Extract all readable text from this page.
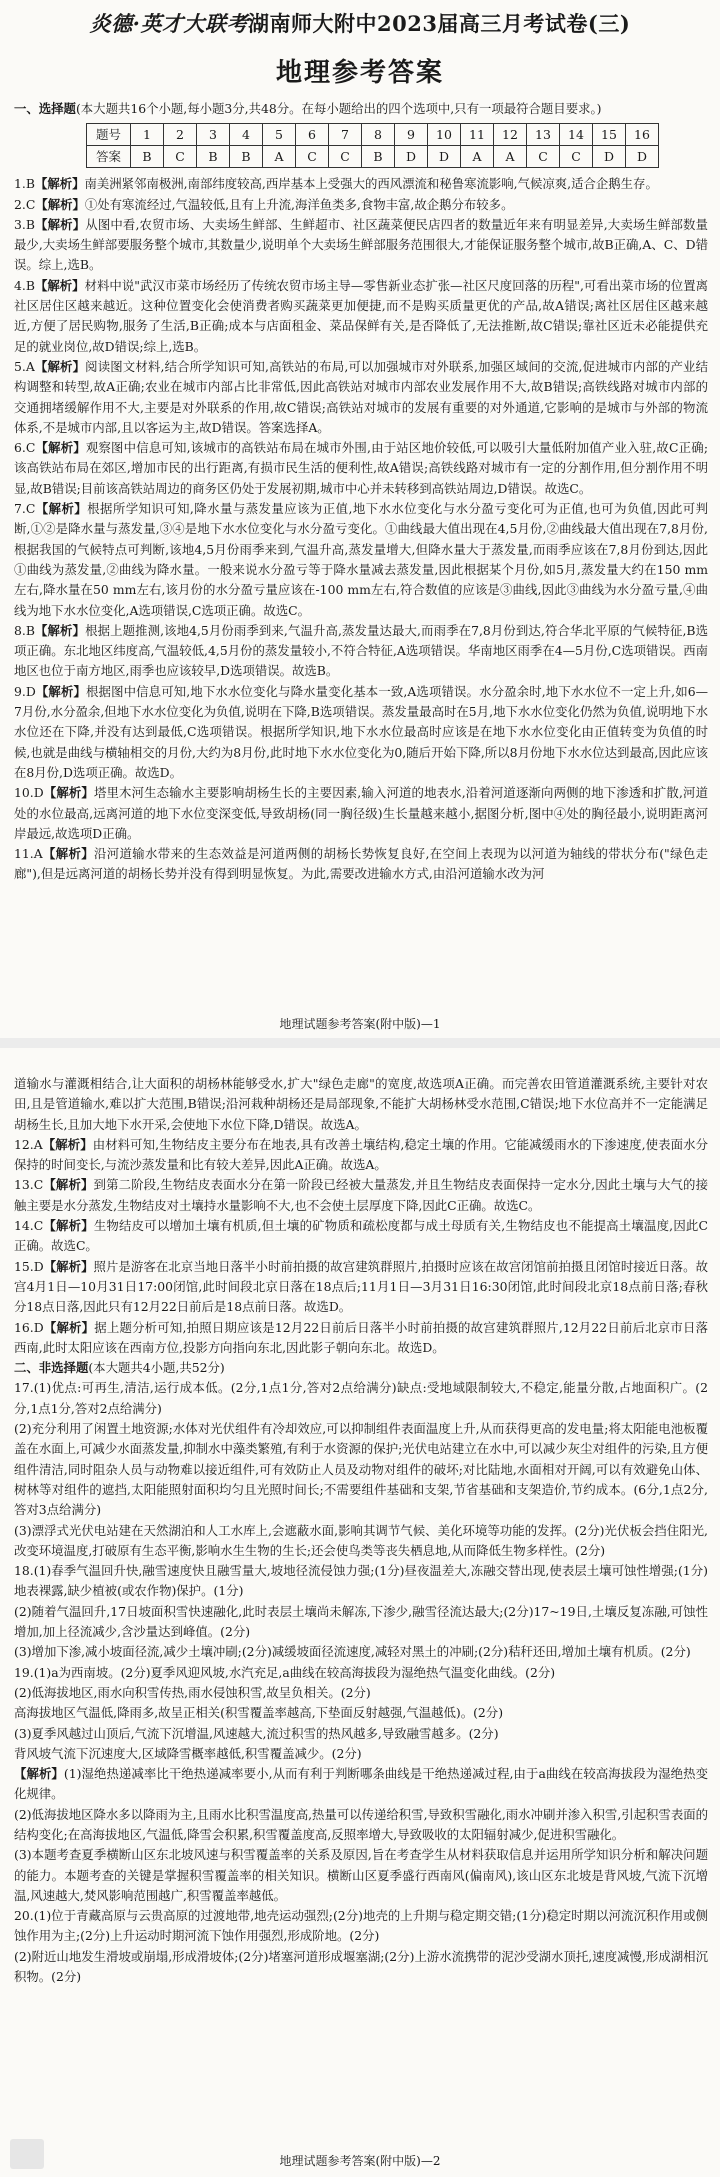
炎德·英才大联考湖南师大附中2023届高三月考试卷(三)
地理参考答案

一、选择题(本大题共16个小题,每小题3分,共48分。在每小题给出的四个选项中,只有一项最符合题目要求。)

题号	1	2	3	4	5	6	7	8	9	10	11	12	13	14	15	16
答案	B	C	B	B	A	C	C	B	D	D	A	A	C	C	D	D

1.B【解析】南美洲紧邻南极洲,南部纬度较高,西岸基本上受强大的西风漂流和秘鲁寒流影响,气候凉爽,适合企鹅生存。

2.C【解析】①处有寒流经过,气温较低,且有上升流,海洋鱼类多,食物丰富,故企鹅分布较多。

3.B【解析】从图中看,农贸市场、大卖场生鲜部、生鲜超市、社区蔬菜便民店四者的数量近年来有明显差异,大卖场生鲜部数量最少,大卖场生鲜部要服务整个城市,其数量少,说明单个大卖场生鲜部服务范围很大,才能保证服务整个城市,故B正确,A、C、D错误。综上,选B。

4.B【解析】材料中说"武汉市菜市场经历了传统农贸市场主导—零售新业态扩张—社区尺度回落的历程",可看出菜市场的位置离社区居住区越来越近。这种位置变化会使消费者购买蔬菜更加便捷,而不是购买质量更优的产品,故A错误;离社区居住区越来越近,方便了居民购物,服务了生活,B正确;成本与店面租金、菜品保鲜有关,是否降低了,无法推断,故C错误;靠社区近未必能提供充足的就业岗位,故D错误;综上,选B。

5.A【解析】阅读图文材料,结合所学知识可知,高铁站的布局,可以加强城市对外联系,加强区域间的交流,促进城市内部的产业结构调整和转型,故A正确;农业在城市内部占比非常低,因此高铁站对城市内部农业发展作用不大,故B错误;高铁线路对城市内部的交通拥堵缓解作用不大,主要是对外联系的作用,故C错误;高铁站对城市的发展有重要的对外通道,它影响的是城市与外部的物流体系,不是城市内部,且以客运为主,故D错误。答案选择A。

6.C【解析】观察图中信息可知,该城市的高铁站布局在城市外围,由于站区地价较低,可以吸引大量低附加值产业入驻,故C正确;该高铁站布局在郊区,增加市民的出行距离,有损市民生活的便利性,故A错误;高铁线路对城市有一定的分割作用,但分割作用不明显,故B错误;目前该高铁站周边的商务区仍处于发展初期,城市中心并未转移到高铁站周边,D错误。故选C。

7.C【解析】根据所学知识可知,降水量与蒸发量应该为正值,地下水水位变化与水分盈亏变化可为正值,也可为负值,因此可判断,①②是降水量与蒸发量,③④是地下水水位变化与水分盈亏变化。①曲线最大值出现在4,5月份,②曲线最大值出现在7,8月份,根据我国的气候特点可判断,该地4,5月份雨季来到,气温升高,蒸发量增大,但降水量大于蒸发量,而雨季应该在7,8月份到达,因此①曲线为蒸发量,②曲线为降水量。一般来说水分盈亏等于降水量减去蒸发量,因此根据某个月份,如5月,蒸发量大约在150 mm左右,降水量在50 mm左右,该月份的水分盈亏量应该在-100 mm左右,符合数值的应该是③曲线,因此③曲线为水分盈亏量,④曲线为地下水水位变化,A选项错误,C选项正确。故选C。

8.B【解析】根据上题推测,该地4,5月份雨季到来,气温升高,蒸发量达最大,而雨季在7,8月份到达,符合华北平原的气候特征,B选项正确。东北地区纬度高,气温较低,4,5月份的蒸发量较小,不符合特征,A选项错误。华南地区雨季在4—5月份,C选项错误。西南地区也位于南方地区,雨季也应该较早,D选项错误。故选B。

9.D【解析】根据图中信息可知,地下水水位变化与降水量变化基本一致,A选项错误。水分盈余时,地下水水位不一定上升,如6—7月份,水分盈余,但地下水水位变化为负值,说明在下降,B选项错误。蒸发量最高时在5月,地下水水位变化仍然为负值,说明地下水水位还在下降,并没有达到最低,C选项错误。根据所学知识,地下水水位最高时应该是在地下水水位变化由正值转变为负值的时候,也就是曲线与横轴相交的月份,大约为8月份,此时地下水水位变化为0,随后开始下降,所以8月份地下水水位达到最高,因此应该在8月份,D选项正确。故选D。

10.D【解析】塔里木河生态输水主要影响胡杨生长的主要因素,输入河道的地表水,沿着河道逐渐向两侧的地下渗透和扩散,河道处的水位最高,远离河道的地下水位变深变低,导致胡杨(同一胸径级)生长量越来越小,据图分析,图中④处的胸径最小,说明距离河岸最远,故选项D正确。

11.A【解析】沿河道输水带来的生态效益是河道两侧的胡杨长势恢复良好,在空间上表现为以河道为轴线的带状分布("绿色走廊"),但是远离河道的胡杨长势并没有得到明显恢复。为此,需要改进输水方式,由沿河道输水改为河

地理试题参考答案(附中版)—1

道输水与灌溉相结合,让大面积的胡杨林能够受水,扩大"绿色走廊"的宽度,故选项A正确。而完善农田管道灌溉系统,主要针对农田,且是管道输水,难以扩大范围,B错误;沿河栽种胡杨还是局部现象,不能扩大胡杨林受水范围,C错误;地下水位高并不一定能满足胡杨生长,且加大地下水开采,会使地下水位下降,D错误。故选A。

12.A【解析】由材料可知,生物结皮主要分布在地表,具有改善土壤结构,稳定土壤的作用。它能减缓雨水的下渗速度,使表面水分保持的时间变长,与流沙蒸发量和比有较大差异,因此A正确。故选A。

13.C【解析】到第二阶段,生物结皮表面水分在第一阶段已经被大量蒸发,并且生物结皮表面保持一定水分,因此土壤与大气的接触主要是水分蒸发,生物结皮对土壤持水量影响不大,也不会使土层厚度下降,因此C正确。故选C。

14.C【解析】生物结皮可以增加土壤有机质,但土壤的矿物质和疏松度都与成土母质有关,生物结皮也不能提高土壤温度,因此C正确。故选C。

15.D【解析】照片是游客在北京当地日落半小时前拍摄的故宫建筑群照片,拍摄时应该在故宫闭馆前拍摄且闭馆时接近日落。故宫4月1日—10月31日17:00闭馆,此时间段北京日落在18点后;11月1日—3月31日16:30闭馆,此时间段北京18点前日落;春秋分18点日落,因此只有12月22日前后是18点前日落。故选D。

16.D【解析】据上题分析可知,拍照日期应该是12月22日前后日落半小时前拍摄的故宫建筑群照片,12月22日前后北京市日落西南,此时太阳应该在西南方位,投影方向指向东北,因此影子朝向东北。故选D。

二、非选择题(本大题共4小题,共52分)

17.(1)优点:可再生,清洁,运行成本低。(2分,1点1分,答对2点给满分)缺点:受地域限制较大,不稳定,能量分散,占地面积广。(2分,1点1分,答对2点给满分)

(2)充分利用了闲置土地资源;水体对光伏组件有冷却效应,可以抑制组件表面温度上升,从而获得更高的发电量;将太阳能电池板覆盖在水面上,可减少水面蒸发量,抑制水中藻类繁殖,有利于水资源的保护;光伏电站建立在水中,可以减少灰尘对组件的污染,且方便组件清洁,同时阻杂人员与动物难以接近组件,可有效防止人员及动物对组件的破坏;对比陆地,水面相对开阔,可以有效避免山体、树林等对组件的遮挡,太阳能照射面积均匀且光照时间长;不需要组件基础和支架,节省基础和支架造价,节约成本。(6分,1点2分,答对3点给满分)

(3)漂浮式光伏电站建在天然湖泊和人工水库上,会遮蔽水面,影响其调节气候、美化环境等功能的发挥。(2分)光伏板会挡住阳光,改变环境温度,打破原有生态平衡,影响水生生物的生长;还会使鸟类等丧失栖息地,从而降低生物多样性。(2分)

18.(1)春季气温回升快,融雪速度快且融雪量大,坡地径流侵蚀力强;(1分)昼夜温差大,冻融交替出现,使表层土壤可蚀性增强;(1分)地表裸露,缺少植被(或农作物)保护。(1分)

(2)随着气温回升,17日坡面积雪快速融化,此时表层土壤尚未解冻,下渗少,融雪径流达最大;(2分)17~19日,土壤反复冻融,可蚀性增加,加上径流减少,含沙量达到峰值。(2分)

(3)增加下渗,减小坡面径流,减少土壤冲刷;(2分)减缓坡面径流速度,减轻对黑土的冲刷;(2分)秸秆还田,增加土壤有机质。(2分)

19.(1)a为西南坡。(2分)夏季风迎风坡,水汽充足,a曲线在较高海拔段为湿绝热气温变化曲线。(2分)

(2)低海拔地区,雨水向积雪传热,雨水侵蚀积雪,故呈负相关。(2分)

高海拔地区气温低,降雨多,故呈正相关(积雪覆盖率越高,下垫面反射越强,气温越低)。(2分)

(3)夏季风越过山顶后,气流下沉增温,风速越大,流过积雪的热风越多,导致融雪越多。(2分)

背风坡气流下沉速度大,区域降雪概率越低,积雪覆盖减少。(2分)

【解析】(1)湿绝热递减率比干绝热递减率要小,从而有利于判断哪条曲线是干绝热递减过程,由于a曲线在较高海拔段为湿绝热变化规律。

(2)低海拔地区降水多以降雨为主,且雨水比积雪温度高,热量可以传递给积雪,导致积雪融化,雨水冲刷并渗入积雪,引起积雪表面的结构变化;在高海拔地区,气温低,降雪会积累,积雪覆盖度高,反照率增大,导致吸收的太阳辐射减少,促进积雪融化。

(3)本题考查夏季横断山区东北坡风速与积雪覆盖率的关系及原因,旨在考查学生从材料获取信息并运用所学知识分析和解决问题的能力。本题考查的关键是掌握积雪覆盖率的相关知识。横断山区夏季盛行西南风(偏南风),该山区东北坡是背风坡,气流下沉增温,风速越大,焚风影响范围越广,积雪覆盖率越低。

20.(1)位于青藏高原与云贵高原的过渡地带,地壳运动强烈;(2分)地壳的上升期与稳定期交错;(1分)稳定时期以河流沉积作用或侧蚀作用为主;(2分)上升运动时期河流下蚀作用强烈,形成阶地。(2分)

(2)附近山地发生滑坡或崩塌,形成滑坡体;(2分)堵塞河道形成堰塞湖;(2分)上游水流携带的泥沙受湖水顶托,速度减慢,形成湖相沉积物。(2分)

地理试题参考答案(附中版)—2
